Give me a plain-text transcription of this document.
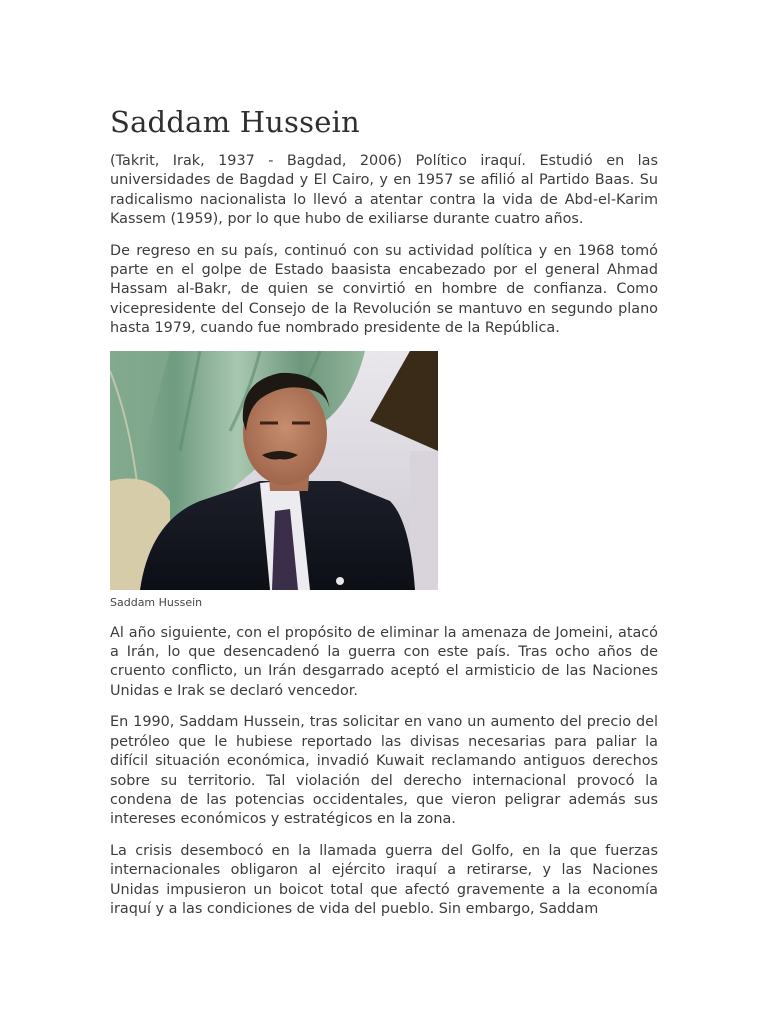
Saddam Hussein

(Takrit, Irak, 1937 - Bagdad, 2006) Político iraquí. Estudió en las universidades de Bagdad y El Cairo, y en 1957 se afilió al Partido Baas. Su radicalismo nacionalista lo llevó a atentar contra la vida de Abd-el-Karim Kassem (1959), por lo que hubo de exiliarse durante cuatro años.

De regreso en su país, continuó con su actividad política y en 1968 tomó parte en el golpe de Estado baasista encabezado por el general Ahmad Hassam al-Bakr, de quien se convirtió en hombre de confianza. Como vicepresidente del Consejo de la Revolución se mantuvo en segundo plano hasta 1979, cuando fue nombrado presidente de la República.

Saddam Hussein

Al año siguiente, con el propósito de eliminar la amenaza de Jomeini, atacó a Irán, lo que desencadenó la guerra con este país. Tras ocho años de cruento conflicto, un Irán desgarrado aceptó el armisticio de las Naciones Unidas e Irak se declaró vencedor.

En 1990, Saddam Hussein, tras solicitar en vano un aumento del precio del petróleo que le hubiese reportado las divisas necesarias para paliar la difícil situación económica, invadió Kuwait reclamando antiguos derechos sobre su territorio. Tal violación del derecho internacional provocó la condena de las potencias occidentales, que vieron peligrar además sus intereses económicos y estratégicos en la zona.

La crisis desembocó en la llamada guerra del Golfo, en la que fuerzas internacionales obligaron al ejército iraquí a retirarse, y las Naciones Unidas impusieron un boicot total que afectó gravemente a la economía iraquí y a las condiciones de vida del pueblo. Sin embargo, Saddam
